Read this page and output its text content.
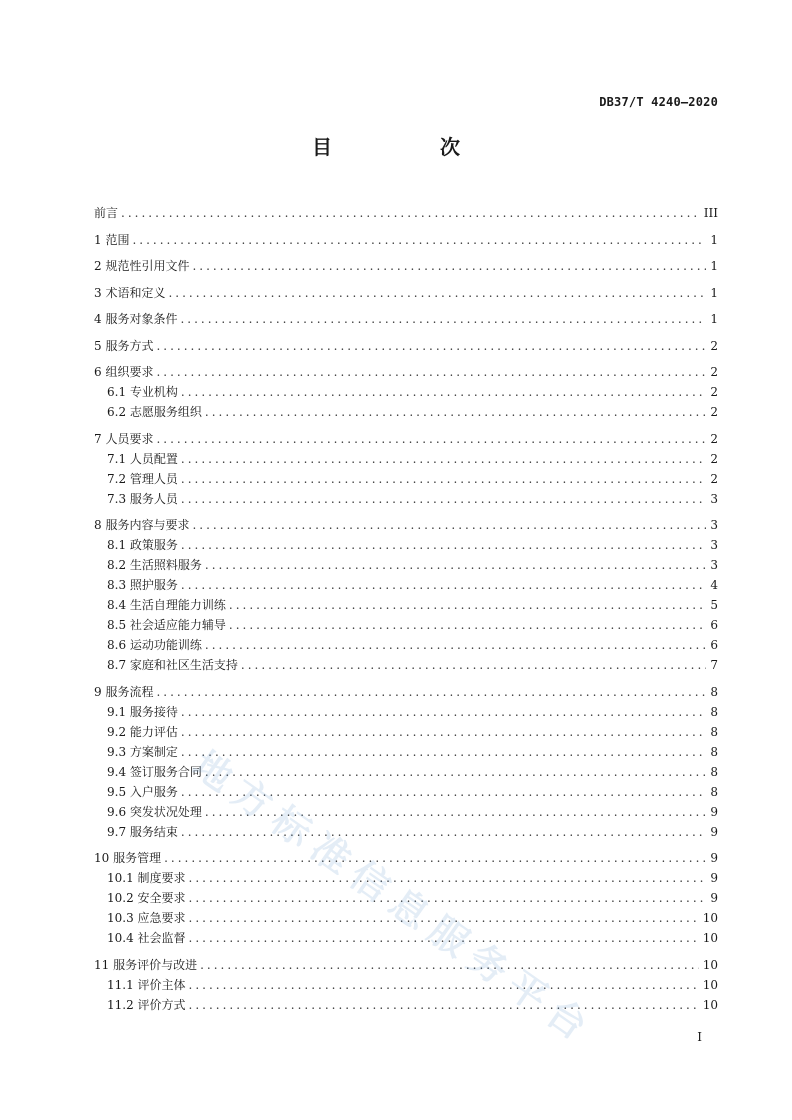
DB37/T 4240—2020
目　次
前言 .....	III
1 范围 .....	1
2 规范性引用文件 .....	1
3 术语和定义 .....	1
4 服务对象条件 .....	1
5 服务方式 .....	2
6 组织要求 .....	2
6.1 专业机构 .....	2
6.2 志愿服务组织 .....	2
7 人员要求 .....	2
7.1 人员配置 .....	2
7.2 管理人员 .....	2
7.3 服务人员 .....	3
8 服务内容与要求 .....	3
8.1 政策服务 .....	3
8.2 生活照料服务 .....	3
8.3 照护服务 .....	4
8.4 生活自理能力训练 .....	5
8.5 社会适应能力辅导 .....	6
8.6 运动功能训练 .....	6
8.7 家庭和社区生活支持 .....	7
9 服务流程 .....	8
9.1 服务接待 .....	8
9.2 能力评估 .....	8
9.3 方案制定 .....	8
9.4 签订服务合同 .....	8
9.5 入户服务 .....	8
9.6 突发状况处理 .....	9
9.7 服务结束 .....	9
10 服务管理 .....	9
10.1 制度要求 .....	9
10.2 安全要求 .....	9
10.3 应急要求 .....	10
10.4 社会监督 .....	10
11 服务评价与改进 .....	10
11.1 评价主体 .....	10
11.2 评价方式 .....	10
I
地方标准信息服务平台
